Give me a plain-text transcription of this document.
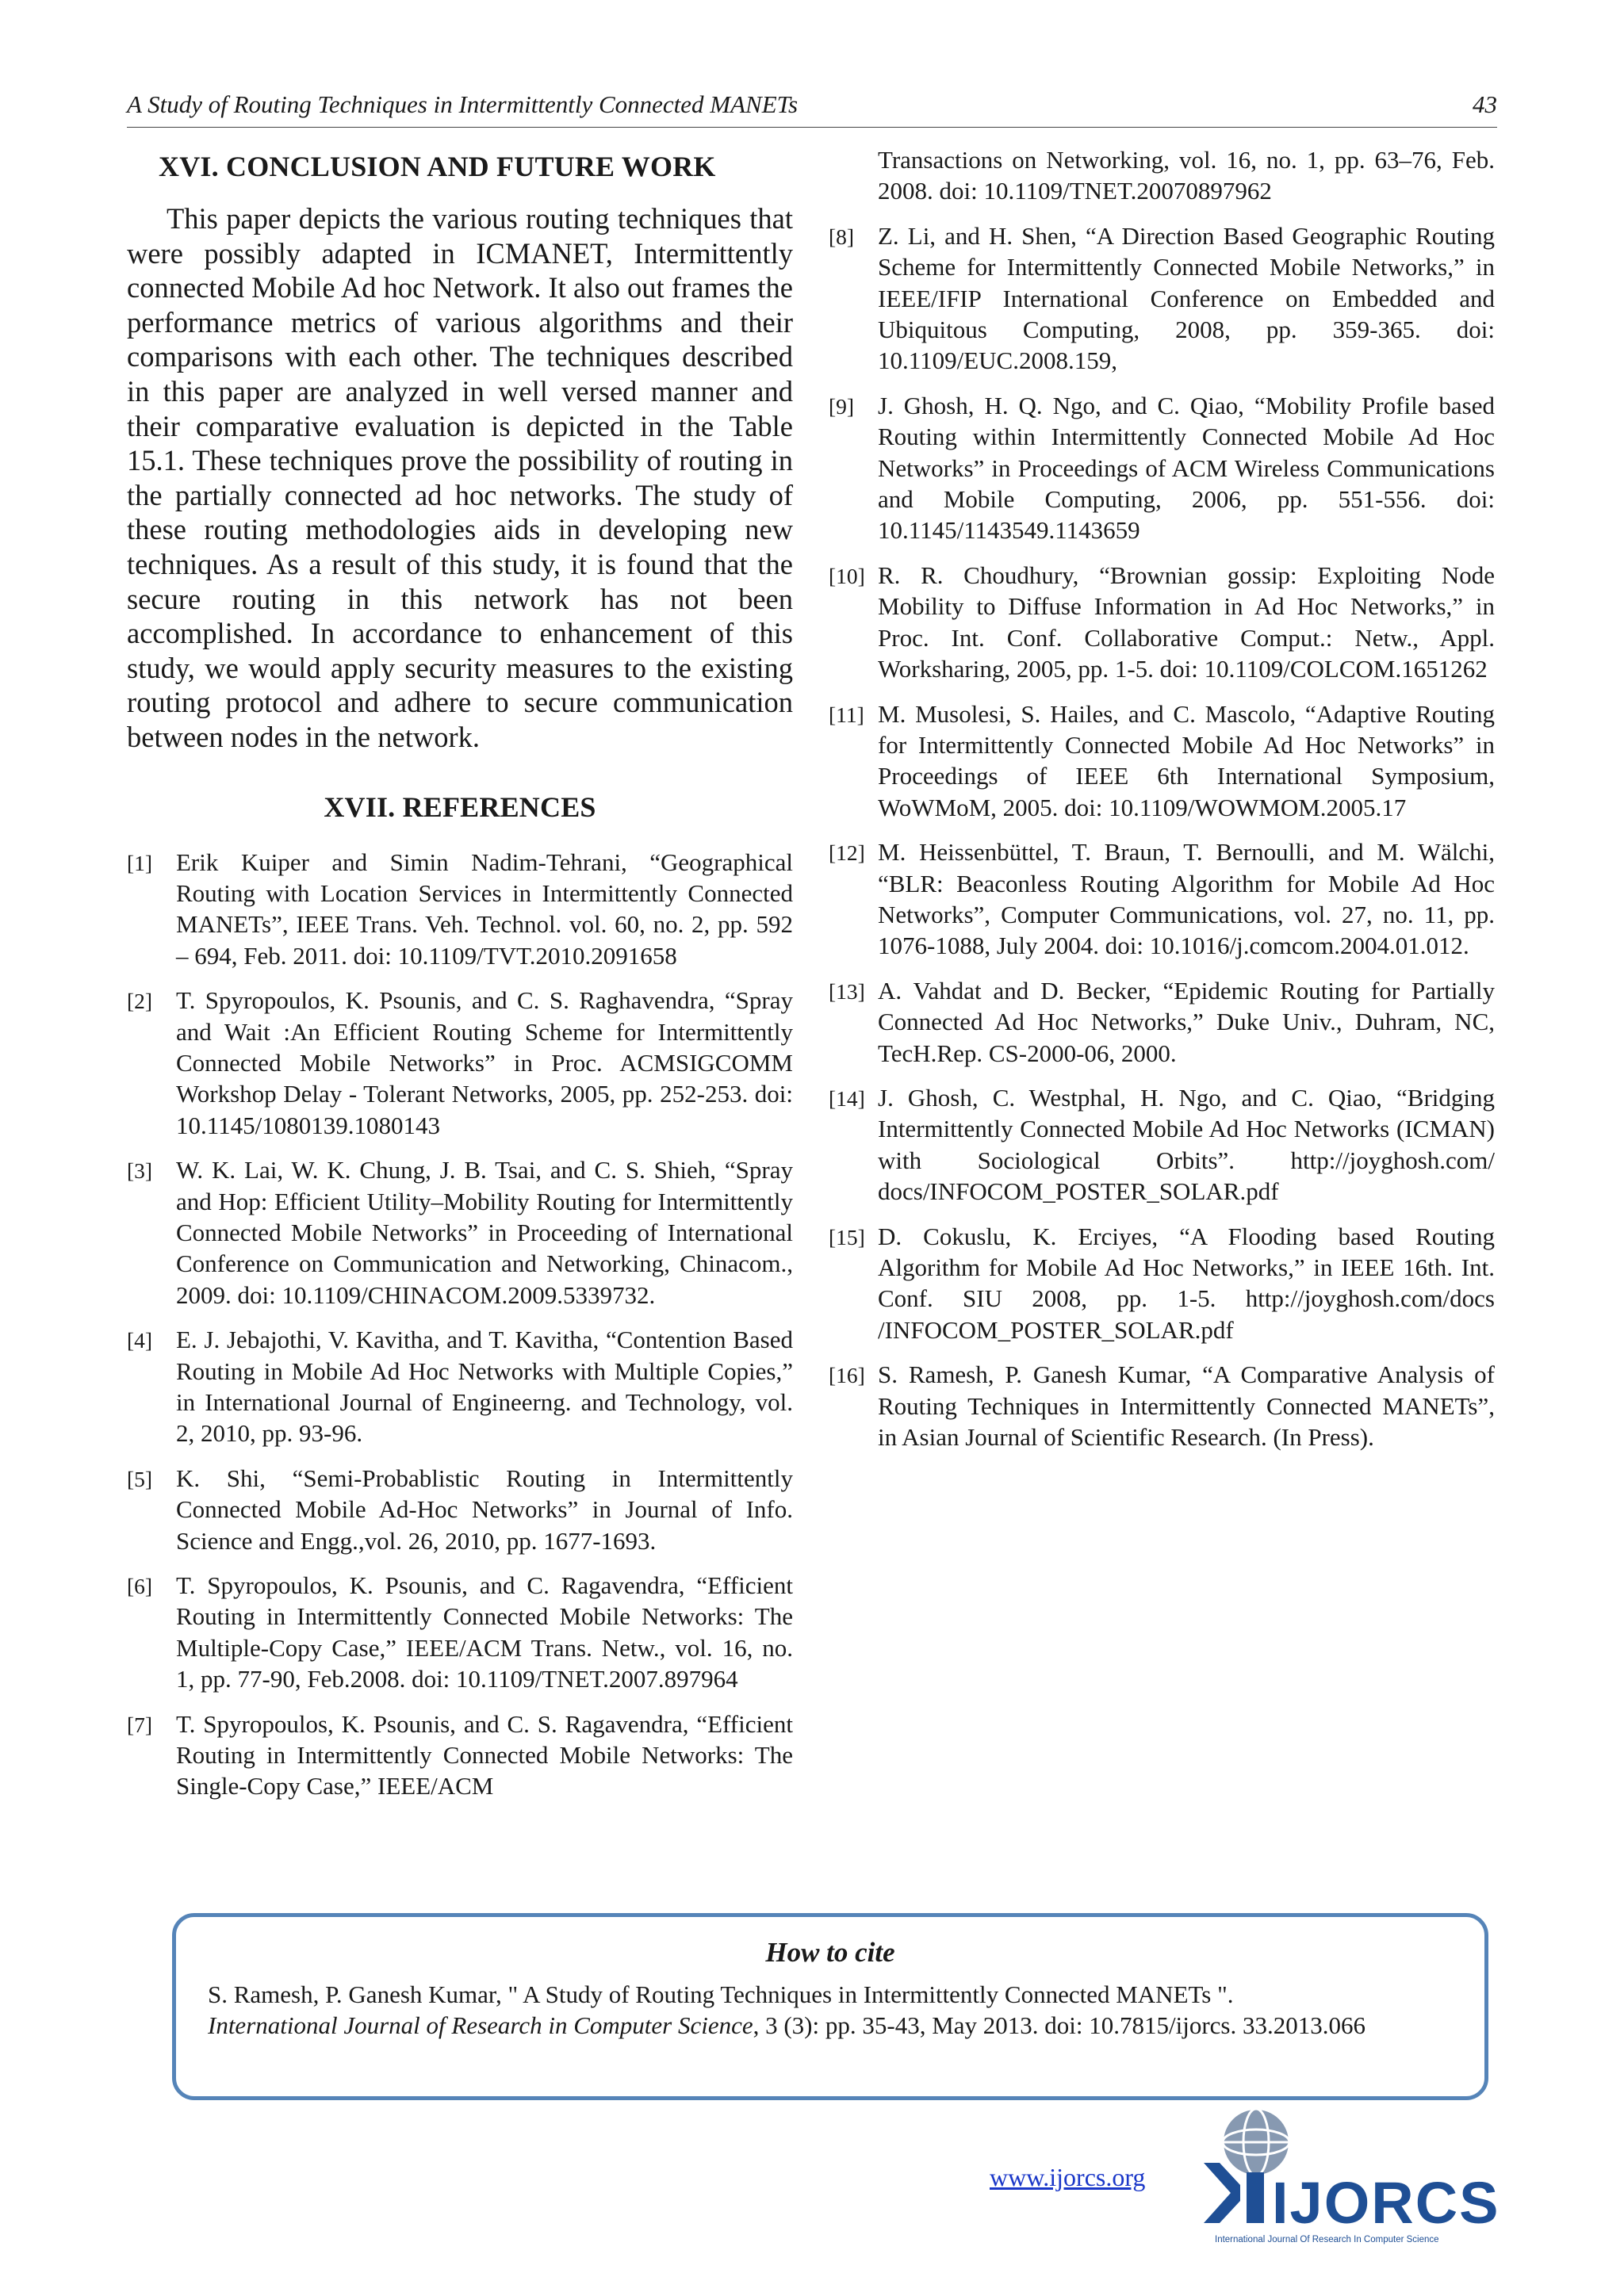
A Study of Routing Techniques in Intermittently Connected MANETs	43
XVI. CONCLUSION AND FUTURE WORK

This paper depicts the various routing techniques that were possibly adapted in ICMANET, Intermittently connected Mobile Ad hoc Network. It also out frames the performance metrics of various algorithms and their comparisons with each other. The techniques described in this paper are analyzed in well versed manner and their comparative evaluation is depicted in the Table 15.1. These techniques prove the possibility of routing in the partially connected ad hoc networks. The study of these routing methodologies aids in developing new techniques. As a result of this study, it is found that the secure routing in this network has not been accomplished. In accordance to enhancement of this study, we would apply security measures to the existing routing protocol and adhere to secure communication between nodes in the network.

XVII. REFERENCES
[1] Erik Kuiper and Simin Nadim-Tehrani, “Geographical Routing with Location Services in Intermittently Connected MANETs”, IEEE Trans. Veh. Technol. vol. 60, no. 2, pp. 592 – 694, Feb. 2011. doi: 10.1109/TVT.2010.2091658
[2] T. Spyropoulos, K. Psounis, and C. S. Raghavendra, “Spray and Wait :An Efficient Routing Scheme for Intermittently Connected Mobile Networks” in Proc. ACMSIGCOMM Workshop Delay - Tolerant Networks, 2005, pp. 252-253. doi: 10.1145/1080139.1080143
[3] W. K. Lai, W. K. Chung, J. B. Tsai, and C. S. Shieh, “Spray and Hop: Efficient Utility–Mobility Routing for Intermittently Connected Mobile Networks” in Proceeding of International Conference on Communication and Networking, Chinacom., 2009. doi: 10.1109/CHINACOM.2009.5339732.
[4] E. J. Jebajothi, V. Kavitha, and T. Kavitha, “Contention Based Routing in Mobile Ad Hoc Networks with Multiple Copies,” in International Journal of Engineerng. and Technology, vol. 2, 2010, pp. 93-96.
[5] K. Shi, “Semi-Probablistic Routing in Intermittently Connected Mobile Ad-Hoc Networks” in Journal of Info. Science and Engg.,vol. 26, 2010, pp. 1677-1693.
[6] T. Spyropoulos, K. Psounis, and C. Ragavendra, “Efficient Routing in Intermittently Connected Mobile Networks: The Multiple-Copy Case,” IEEE/ACM Trans. Netw., vol. 16, no. 1, pp. 77-90, Feb.2008. doi: 10.1109/TNET.2007.897964
[7] T. Spyropoulos, K. Psounis, and C. S. Ragavendra, “Efficient Routing in Intermittently Connected Mobile Networks: The Single-Copy Case,” IEEE/ACM

Transactions on Networking, vol. 16, no. 1, pp. 63–76, Feb. 2008. doi: 10.1109/TNET.20070897962

[8] Z. Li, and H. Shen, “A Direction Based Geographic Routing Scheme for Intermittently Connected Mobile Networks,” in IEEE/IFIP International Conference on Embedded and Ubiquitous Computing, 2008, pp. 359-365. doi: 10.1109/EUC.2008.159,
[9] J. Ghosh, H. Q. Ngo, and C. Qiao, “Mobility Profile based Routing within Intermittently Connected Mobile Ad Hoc Networks” in Proceedings of ACM Wireless Communications and Mobile Computing, 2006, pp. 551-556. doi: 10.1145/1143549.1143659
[10] R. R. Choudhury, “Brownian gossip: Exploiting Node Mobility to Diffuse Information in Ad Hoc Networks,” in Proc. Int. Conf. Collaborative Comput.: Netw., Appl. Worksharing, 2005, pp. 1-5. doi: 10.1109/COLCOM.1651262
[11] M. Musolesi, S. Hailes, and C. Mascolo, “Adaptive Routing for Intermittently Connected Mobile Ad Hoc Networks” in Proceedings of IEEE 6th International Symposium, WoWMoM, 2005. doi: 10.1109/WOWMOM.2005.17
[12] M. Heissenbüttel, T. Braun, T. Bernoulli, and M. Wälchi, “BLR: Beaconless Routing Algorithm for Mobile Ad Hoc Networks”, Computer Communications, vol. 27, no. 11, pp. 1076-1088, July 2004. doi: 10.1016/j.comcom.2004.01.012.
[13] A. Vahdat and D. Becker, “Epidemic Routing for Partially Connected Ad Hoc Networks,” Duke Univ., Duhram, NC, TecH.Rep. CS-2000-06, 2000.
[14] J. Ghosh, C. Westphal, H. Ngo, and C. Qiao, “Bridging Intermittently Connected Mobile Ad Hoc Networks (ICMAN) with Sociological Orbits”. http://joyghosh.com/ docs/INFOCOM_POSTER_SOLAR.pdf
[15] D. Cokuslu, K. Erciyes, “A Flooding based Routing Algorithm for Mobile Ad Hoc Networks,” in IEEE 16th. Int. Conf. SIU 2008, pp. 1-5. http://joyghosh.com/docs /INFOCOM_POSTER_SOLAR.pdf
[16] S. Ramesh, P. Ganesh Kumar, “A Comparative Analysis of Routing Techniques in Intermittently Connected MANETs”, in Asian Journal of Scientific Research. (In Press).
How to cite

S. Ramesh, P. Ganesh Kumar, " A Study of Routing Techniques in Intermittently Connected MANETs ".
International Journal of Research in Computer Science, 3 (3): pp. 35-43, May 2013. doi: 10.7815/ijorcs. 33.2013.066

www.ijorcs.org IJORCS
International Journal Of Research In Computer Science
